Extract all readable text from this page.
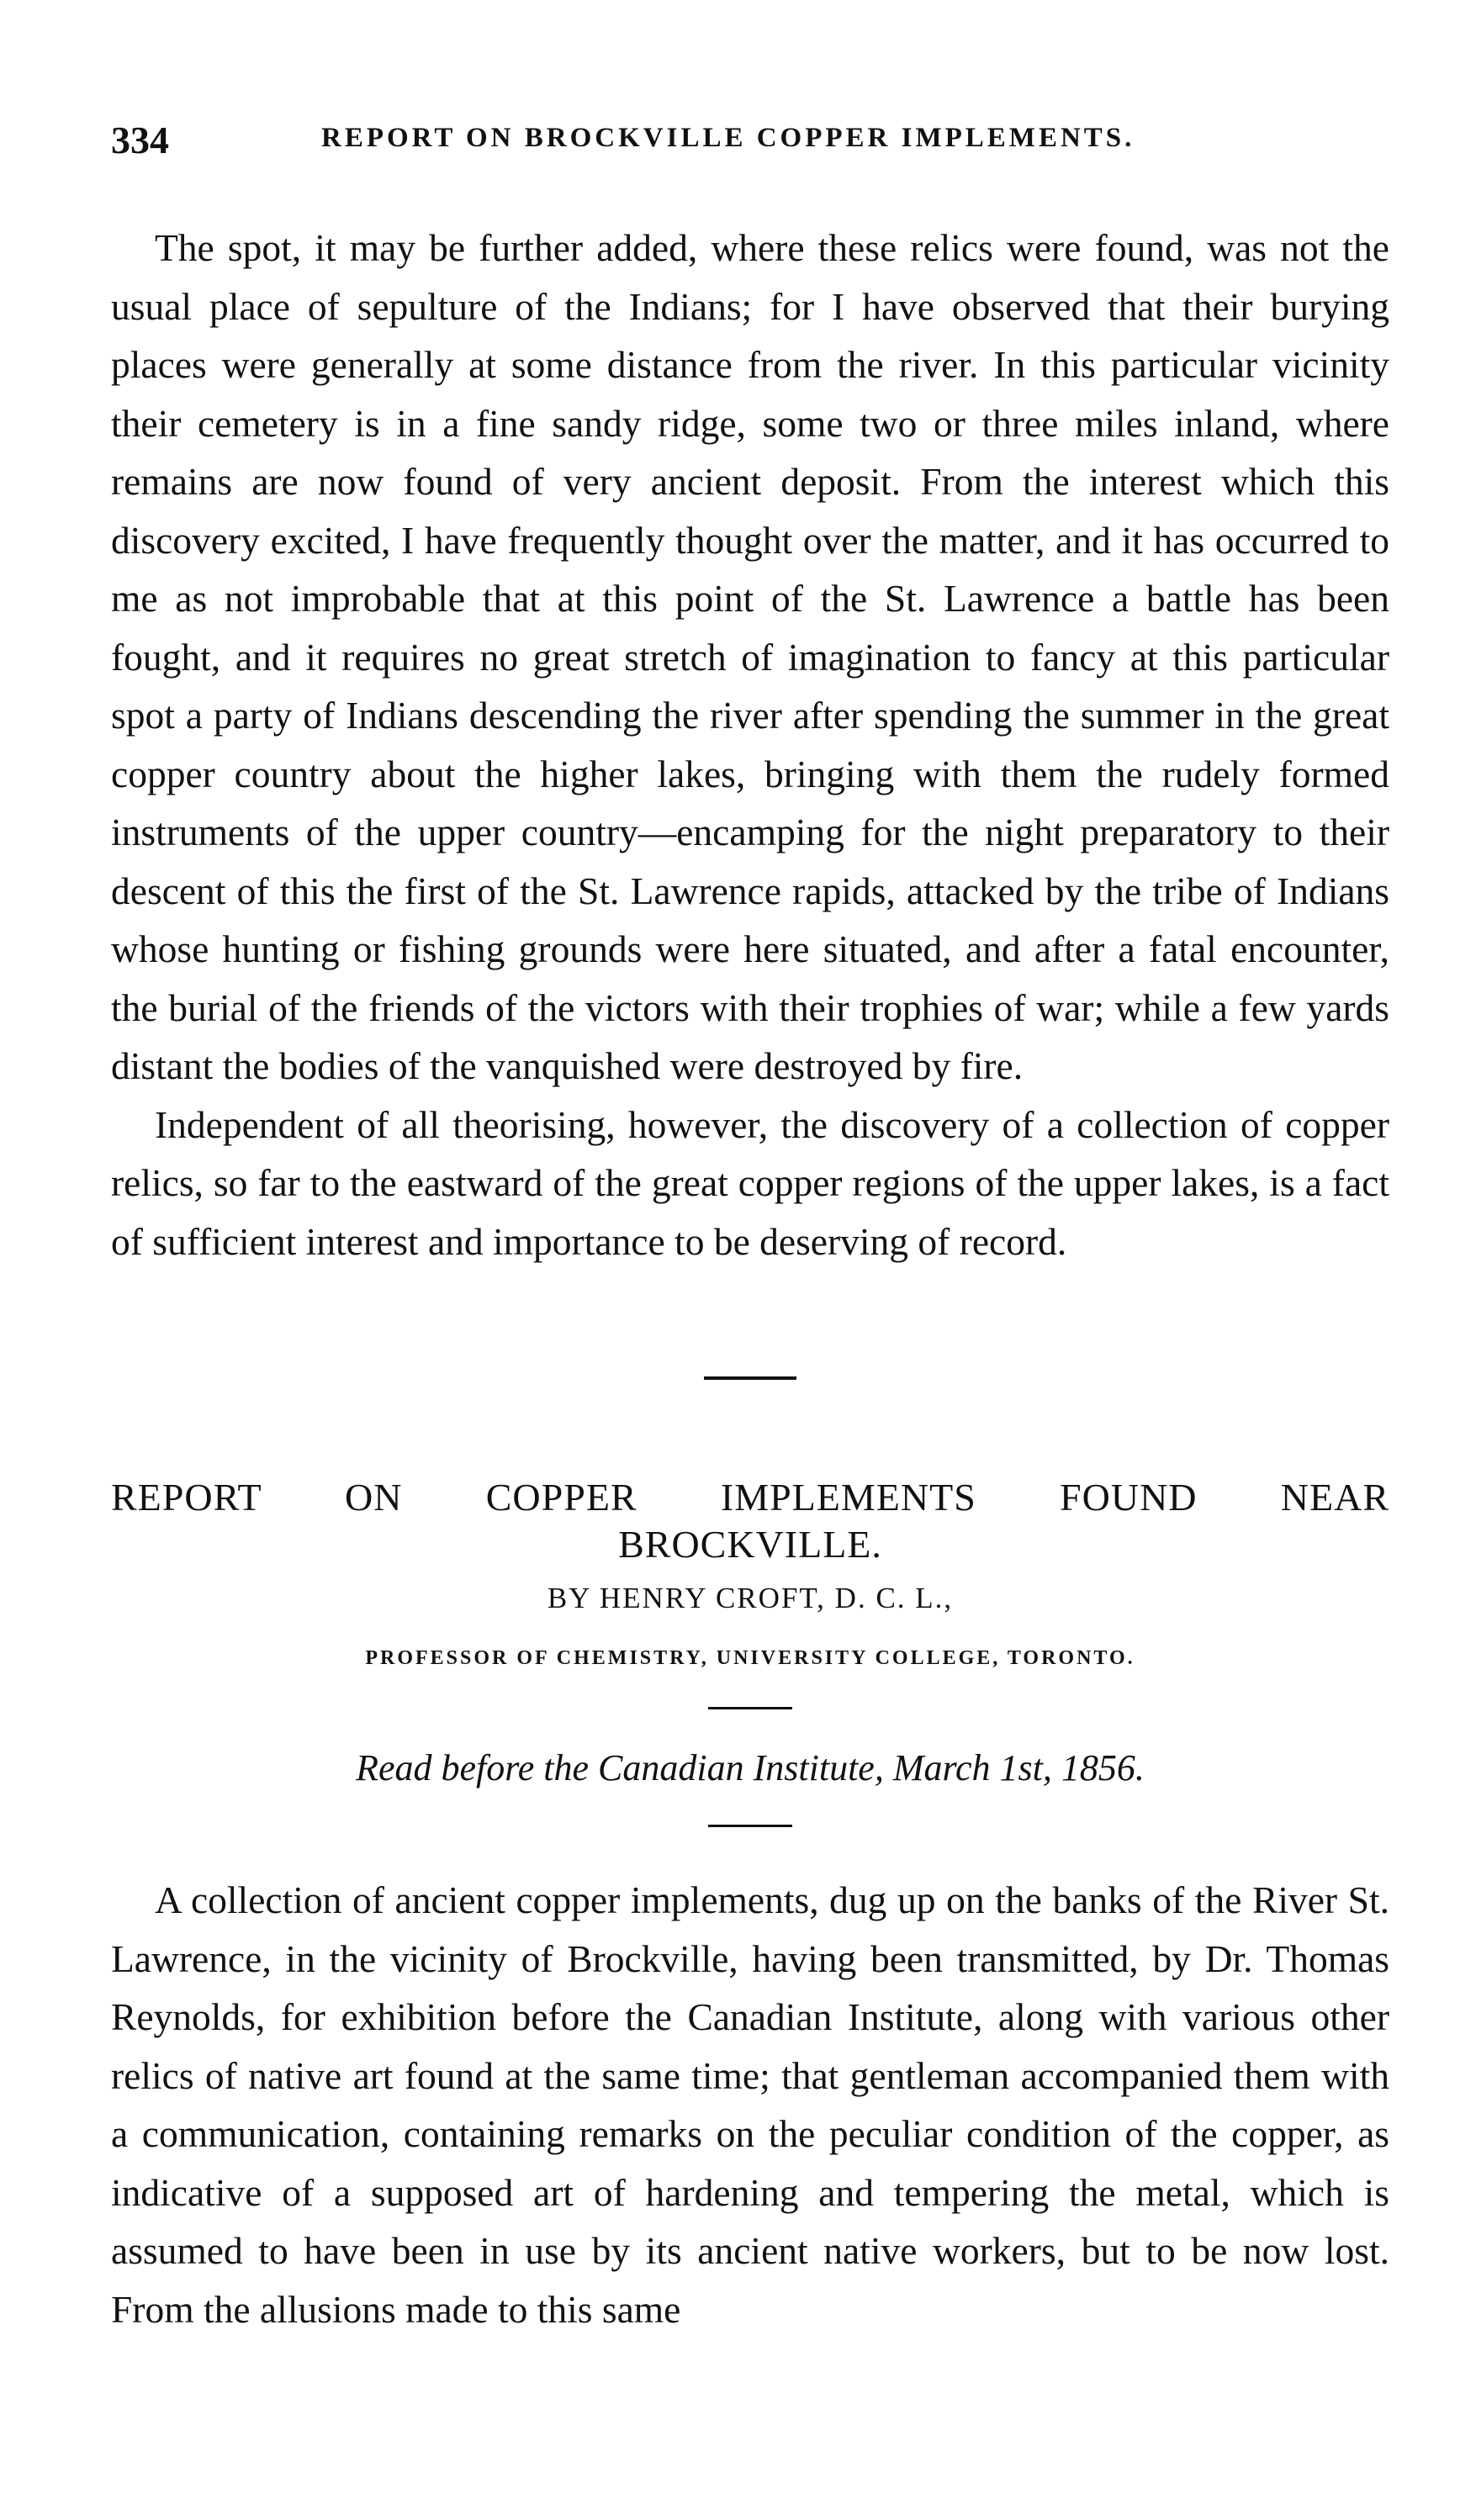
334	REPORT ON BROCKVILLE COPPER IMPLEMENTS.

The spot, it may be further added, where these relics were found, was not the usual place of sepulture of the Indians; for I have observed that their burying places were generally at some distance from the river. In this particular vicinity their cemetery is in a fine sandy ridge, some two or three miles inland, where remains are now found of very ancient deposit. From the interest which this discovery excited, I have frequently thought over the matter, and it has occurred to me as not improbable that at this point of the St. Lawrence a battle has been fought, and it requires no great stretch of imagination to fancy at this particular spot a party of Indians descending the river after spending the summer in the great copper country about the higher lakes, bringing with them the rudely formed instruments of the upper country—encamping for the night preparatory to their descent of this the first of the St. Lawrence rapids, attacked by the tribe of Indians whose hunting or fishing grounds were here situated, and after a fatal encounter, the burial of the friends of the victors with their trophies of war; while a few yards distant the bodies of the vanquished were destroyed by fire.

Independent of all theorising, however, the discovery of a collection of copper relics, so far to the eastward of the great copper regions of the upper lakes, is a fact of sufficient interest and importance to be deserving of record.

REPORT ON COPPER IMPLEMENTS FOUND NEAR
BROCKVILLE.
BY HENRY CROFT, D. C. L.,
PROFESSOR OF CHEMISTRY, UNIVERSITY COLLEGE, TORONTO.
Read before the Canadian Institute, March 1st, 1856.

A collection of ancient copper implements, dug up on the banks of the River St. Lawrence, in the vicinity of Brockville, having been transmitted, by Dr. Thomas Reynolds, for exhibition before the Canadian Institute, along with various other relics of native art found at the same time; that gentleman accompanied them with a communication, containing remarks on the peculiar condition of the copper, as indicative of a supposed art of hardening and tempering the metal, which is assumed to have been in use by its ancient native workers, but to be now lost. From the allusions made to this same
